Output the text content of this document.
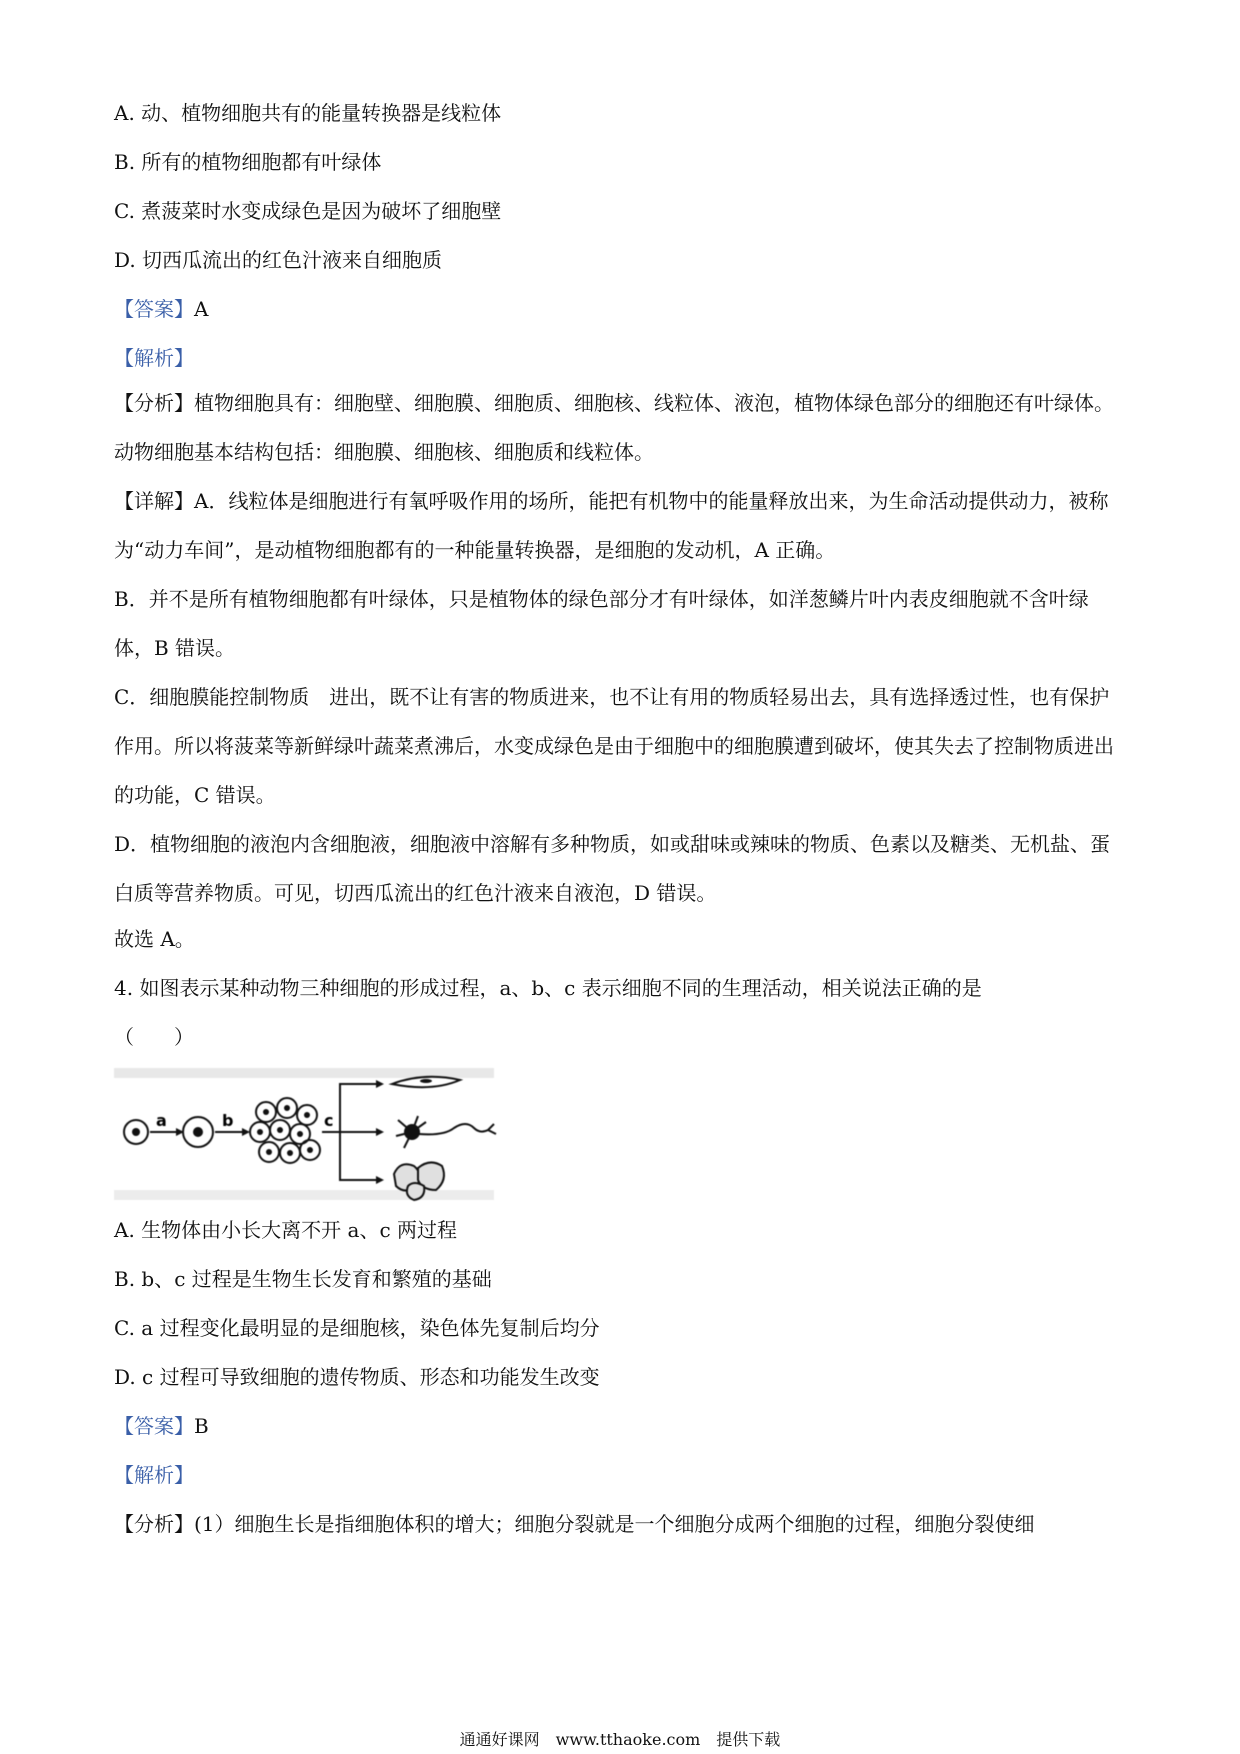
A. 动、植物细胞共有的能量转换器是线粒体

B. 所有的植物细胞都有叶绿体

C. 煮菠菜时水变成绿色是因为破坏了细胞壁

D. 切西瓜流出的红色汁液来自细胞质

【答案】A

【解析】

【分析】植物细胞具有：细胞壁、细胞膜、细胞质、细胞核、线粒体、液泡，植物体绿色部分的细胞还有叶绿体。动物细胞基本结构包括：细胞膜、细胞核、细胞质和线粒体。

【详解】A．线粒体是细胞进行有氧呼吸作用的场所，能把有机物中的能量释放出来，为生命活动提供动力，被称为“动力车间”，是动植物细胞都有的一种能量转换器，是细胞的发动机，A 正确。

B．并不是所有植物细胞都有叶绿体，只是植物体的绿色部分才有叶绿体，如洋葱鳞片叶内表皮细胞就不含叶绿体，B 错误。

C．细胞膜能控制物质　进出，既不让有害的物质进来，也不让有用的物质轻易出去，具有选择透过性，也有保护作用。所以将菠菜等新鲜绿叶蔬菜煮沸后，水变成绿色是由于细胞中的细胞膜遭到破坏，使其失去了控制物质进出的功能，C 错误。

D．植物细胞的液泡内含细胞液，细胞液中溶解有多种物质，如或甜味或辣味的物质、色素以及糖类、无机盐、蛋白质等营养物质。可见，切西瓜流出的红色汁液来自液泡，D 错误。

故选 A。

4. 如图表示某种动物三种细胞的形成过程，a、b、c 表示细胞不同的生理活动，相关说法正确的是

（　　）

a	b	c

A. 生物体由小长大离不开 a、c 两过程

B. b、c 过程是生物生长发育和繁殖的基础

C. a 过程变化最明显的是细胞核，染色体先复制后均分

D. c 过程可导致细胞的遗传物质、形态和功能发生改变

【答案】B

【解析】

【分析】(1）细胞生长是指细胞体积的增大；细胞分裂就是一个细胞分成两个细胞的过程，细胞分裂使细

通通好课网　www.tthaoke.com　提供下载
